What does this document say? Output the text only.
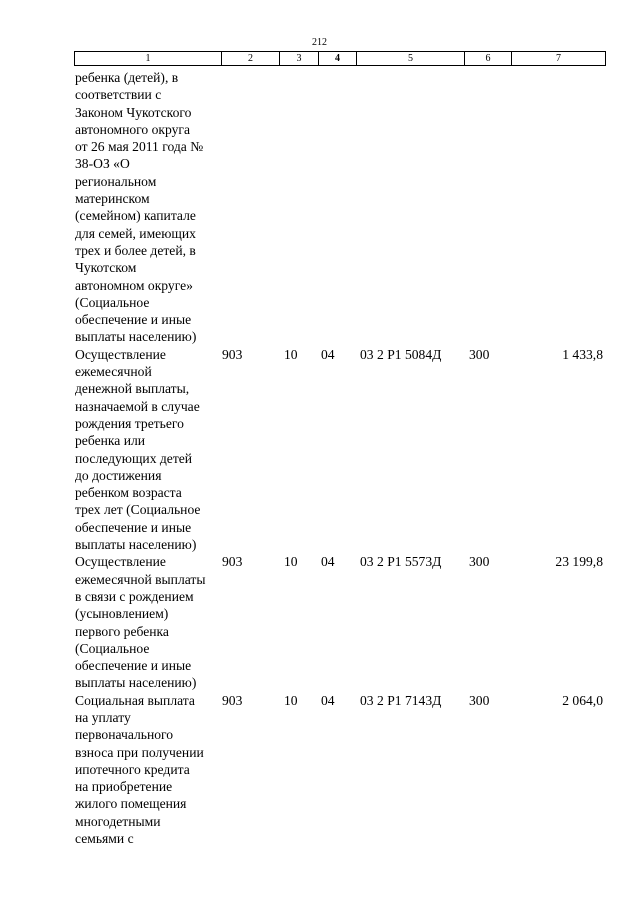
212
1	2	3	4	5	6	7
ребенка (детей), в
соответствии с
Законом Чукотского
автономного округа
от 26 мая 2011 года №
38-ОЗ «О
региональном
материнском
(семейном) капитале
для семей, имеющих
трех и более детей, в
Чукотском
автономном округе»
(Социальное
обеспечение и иные
выплаты населению)
Осуществление
ежемесячной
денежной выплаты,
назначаемой в случае
рождения третьего
ребенка или
последующих детей
до достижения
ребенком возраста
трех лет (Социальное
обеспечение и иные
выплаты населению)
903	10	04	03 2 Р1 5084Д	300	1 433,8
Осуществление
ежемесячной выплаты
в связи с рождением
(усыновлением)
первого ребенка
(Социальное
обеспечение и иные
выплаты населению)
903	10	04	03 2 Р1 5573Д	300	23 199,8
Социальная выплата
на уплату
первоначального
взноса при получении
ипотечного кредита
на приобретение
жилого помещения
многодетными
семьями с
903	10	04	03 2 Р1 7143Д	300	2 064,0
